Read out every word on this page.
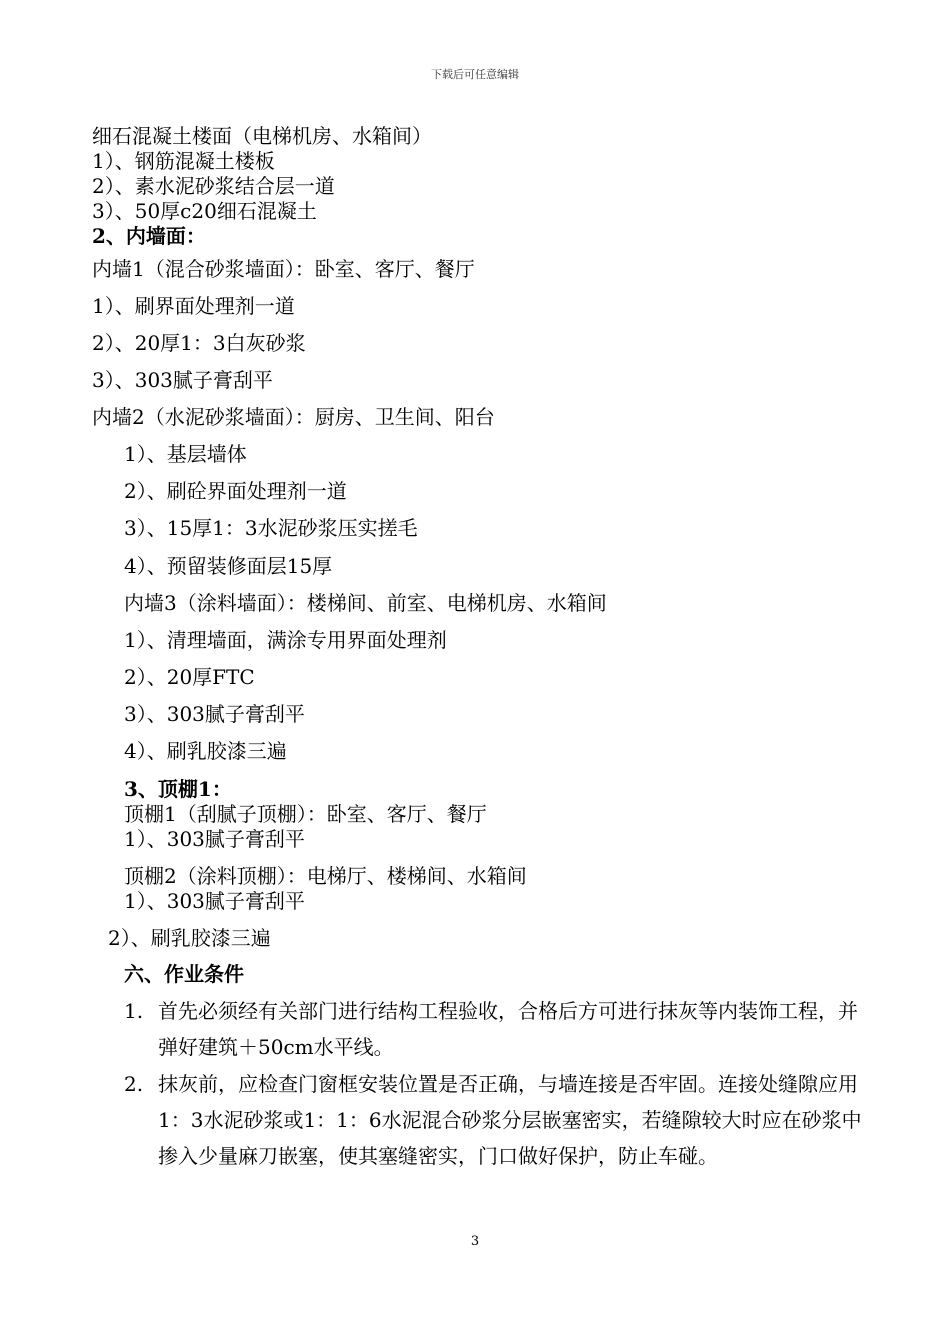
下载后可任意编辑
细石混凝土楼面（电梯机房、水箱间）
1）、钢筋混凝土楼板
2）、素水泥砂浆结合层一道
3）、50厚c20细石混凝土
2、内墙面：
内墙1（混合砂浆墙面）：卧室、客厅、餐厅
1）、刷界面处理剂一道
2）、20厚1：3白灰砂浆
3）、303腻子膏刮平
内墙2（水泥砂浆墙面）：厨房、卫生间、阳台
1）、基层墙体
2）、刷砼界面处理剂一道
3）、15厚1：3水泥砂浆压实搓毛
4）、预留装修面层15厚
内墙3（涂料墙面）：楼梯间、前室、电梯机房、水箱间
1）、清理墙面，满涂专用界面处理剂
2）、20厚FTC
3）、303腻子膏刮平
4）、刷乳胶漆三遍
3、顶棚1：
顶棚1（刮腻子顶棚）：卧室、客厅、餐厅
1）、303腻子膏刮平
顶棚2（涂料顶棚）：电梯厅、楼梯间、水箱间
1）、303腻子膏刮平
2）、刷乳胶漆三遍
六、作业条件
1. 首先必须经有关部门进行结构工程验收，合格后方可进行抹灰等内装饰工程，并弹好建筑＋50cm水平线。
2. 抹灰前，应检查门窗框安装位置是否正确，与墙连接是否牢固。连接处缝隙应用1：3水泥砂浆或1：1：6水泥混合砂浆分层嵌塞密实，若缝隙较大时应在砂浆中掺入少量麻刀嵌塞，使其塞缝密实，门口做好保护，防止车碰。
3
